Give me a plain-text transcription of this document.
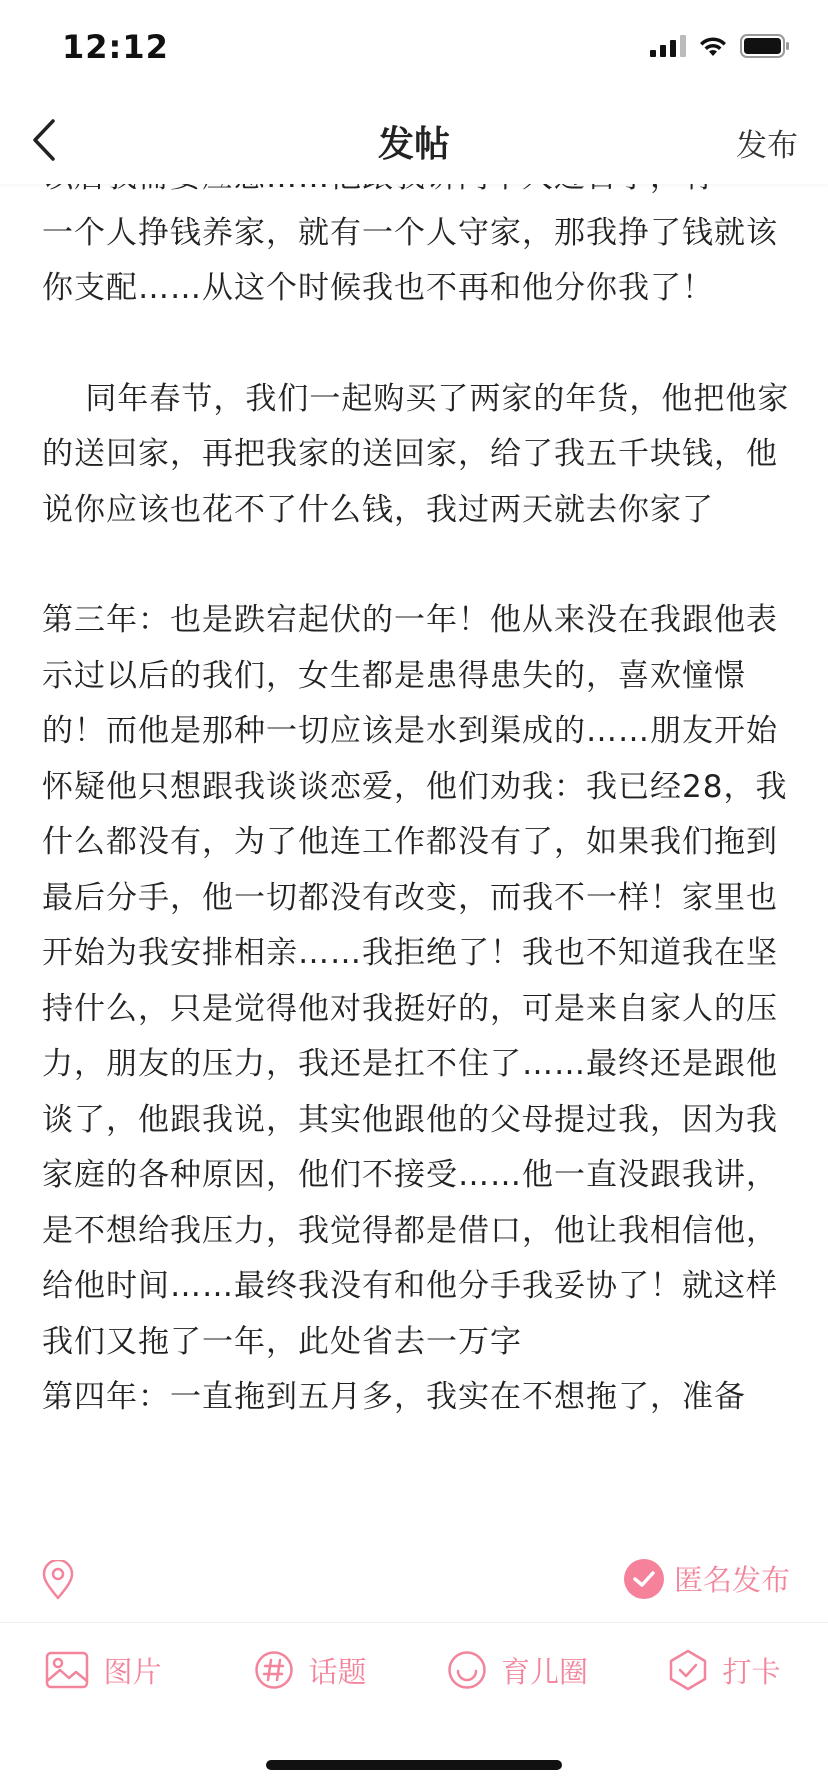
12:12
发帖	发布

一个人挣钱养家，就有一个人守家，那我挣了钱就该你支配……从这个时候我也不再和他分你我了！

同年春节，我们一起购买了两家的年货，他把他家的送回家，再把我家的送回家，给了我五千块钱，他说你应该也花不了什么钱，我过两天就去你家了

第三年：也是跌宕起伏的一年！他从来没在我跟他表示过以后的我们，女生都是患得患失的，喜欢憧憬的！而他是那种一切应该是水到渠成的……朋友开始怀疑他只想跟我谈谈恋爱，他们劝我：我已经28，我什么都没有，为了他连工作都没有了，如果我们拖到最后分手，他一切都没有改变，而我不一样！家里也开始为我安排相亲……我拒绝了！我也不知道我在坚持什么，只是觉得他对我挺好的，可是来自家人的压力，朋友的压力，我还是扛不住了……最终还是跟他谈了，他跟我说，其实他跟他的父母提过我，因为我家庭的各种原因，他们不接受……他一直没跟我讲，是不想给我压力，我觉得都是借口，他让我相信他，给他时间……最终我没有和他分手我妥协了！就这样我们又拖了一年，此处省去一万字

第四年：一直拖到五月多，我实在不想拖了，准备

匿名发布
图片	话题	育儿圈	打卡
